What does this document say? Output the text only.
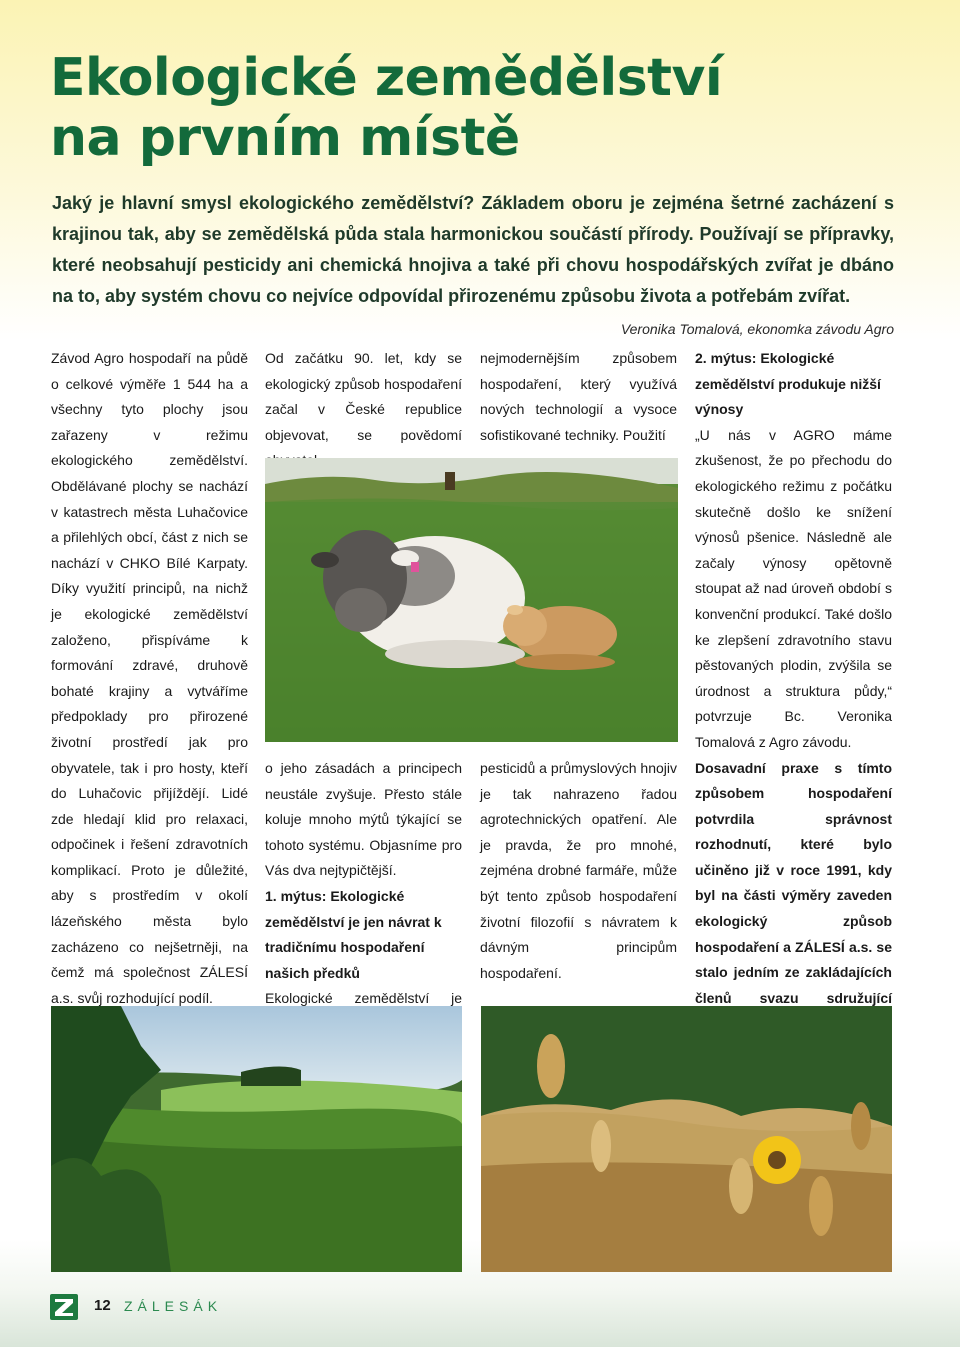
Ekologické zemědělství
na prvním místě

Jaký je hlavní smysl ekologického zemědělství? Základem oboru je zejména šetrné zacházení s krajinou tak, aby se zemědělská půda stala harmonickou součástí přírody. Používají se přípravky, které neobsahují pesticidy ani chemická hnojiva a také při chovu hospodářských zvířat je dbáno na to, aby systém chovu co nejvíce odpovídal přirozenému způsobu života a potřebám zvířat.
Veronika Tomalová, ekonomka závodu Agro

Závod Agro hospodaří na půdě o celkové výměře 1 544 ha a všechny tyto plochy jsou zařazeny v režimu ekologického zemědělství. Obdělávané plochy se nachází v katastrech města Luhačovice a přilehlých obcí, část z nich se nachází v CHKO Bílé Karpaty. Díky využití principů, na nichž je ekologické zemědělství založeno, přispíváme k formování zdravé, druhově bohaté krajiny a vytváříme předpoklady pro přirozené životní prostředí jak pro obyvatele, tak i pro hosty, kteří do Luhačovic přijíždějí. Lidé zde hledají klid pro relaxaci, odpočinek i řešení zdravotních komplikací. Proto je důležité, aby s prostředím v okolí lázeňského města bylo zacházeno co nejšetrněji, na čemž má společnost ZÁLESÍ a.s. svůj rozhodující podíl.

Od začátku 90. let, kdy se ekologický způsob hospodaření začal v České republice objevovat, se povědomí

nejmodernějším způsobem hospodaření, který využívá nových technologií a vysoce sofistikované techniky. Použití

o jeho zásadách a principech neustále zvyšuje. Přesto stále koluje mnoho mýtů týkající se tohoto systému. Objasníme pro Vás dva nejtypičtější.

1. mýtus: Ekologické zemědělství je jen návrat k tradičnímu hospodaření našich předků

Ekologické zemědělství je

pesticidů a průmyslových hnojiv je tak nahrazeno řadou agrotechnických opatření. Ale je pravda, že pro mnohé, zejména drobné farmáře, může být tento způsob hospodaření životní filozofií s návratem k dávným principům hospodaření.

2. mýtus: Ekologické zemědělství produkuje nižší výnosy

„U nás v AGRO máme zkušenost, že po přechodu do ekologického režimu z počátku skutečně došlo ke snížení výnosů pšenice. Následně ale začaly výnosy opětovně stoupat až nad úroveň období s konvenční produkcí. Také došlo ke zlepšení zdravotního stavu pěstovaných plodin, zvýšila se úrodnost a struktura půdy,“ potvrzuje Bc. Veronika Tomalová z Agro závodu.

Dosavadní praxe s tímto způsobem hospodaření potvrdila správnost rozhodnutí, které bylo učiněno již v roce 1991, kdy byl na části výměry zaveden ekologický způsob hospodaření a ZÁLESÍ a.s. se stalo jedním ze zakládajících členů svazu sdružující

12 ZÁLESÁK
